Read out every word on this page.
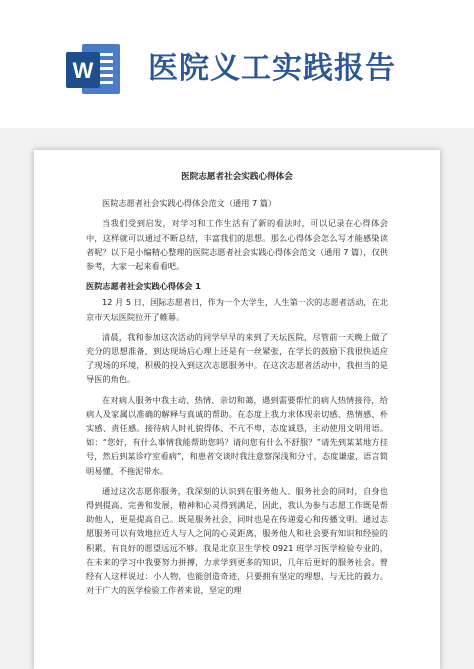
W 医院义工实践报告

医院志愿者社会实践心得体会

医院志愿者社会实践心得体会范文（通用 7 篇）

当我们受到启发，对学习和工作生活有了新的看法时，可以记录在心得体会中，这样就可以通过不断总结，丰富我们的思想。那么心得体会怎么写才能感染读者呢？以下是小编精心整理的医院志愿者社会实践心得体会范文（通用 7 篇），仅供参考，大家一起来看看吧。

医院志愿者社会实践心得体会 1

12 月 5 日，国际志愿者日，作为一个大学生，人生第一次的志愿者活动，在北京市天坛医院拉开了帷幕。

清晨，我和参加这次活动的同学早早的来到了天坛医院，尽管前一天晚上做了充分的思想准备，到达现场后心理上还是有一丝紧张，在学长的鼓励下我很快适应了现场的环境，积极的投入到这次志愿服务中。在这次志愿者活动中，我担当的是导医的角色。

在对病人服务中我主动、热情、亲切和蔼，遇到需要帮忙的病人热情接待，给病人及家属以准确的解释与真诚的帮助。在态度上我力求体现亲切感、热情感、朴实感、责任感。接待病人时礼貌得体、不亢不卑，态度诚恳，主动使用文明用语。如：“您好，有什么事情我能帮助您吗？请问您有什么不舒服？”请先到某某地方挂号，然后到某诊疗室看病”，和患者交谈时我注意察深浅和分寸，态度谦虚，语言简明易懂，不拖泥带水。

通过这次志愿你服务，我深刻的认识到在服务他人、服务社会的同时，自身也得到提高、完善和发展，精神和心灵得到满足，因此，我认为参与志愿工作既是帮助他人，更是提高自己。既是服务社会，同时也是在传递爱心和传播文明。通过志愿服务可以有效地拉近人与人之间的心灵距离，服务他人和社会要有知识和经验的积累，有良好的愿望远远不够。我是北京卫生学校 0921 班学习医学检验专业的，在未来的学习中我要努力拼搏，力求学到更多的知识，几年后更好的服务社会。曾经有人这样说过：小人物，也能创造奇迹，只要拥有坚定的理想，与无比的毅力。对于广大的医学检验工作者来说，坚定的理
